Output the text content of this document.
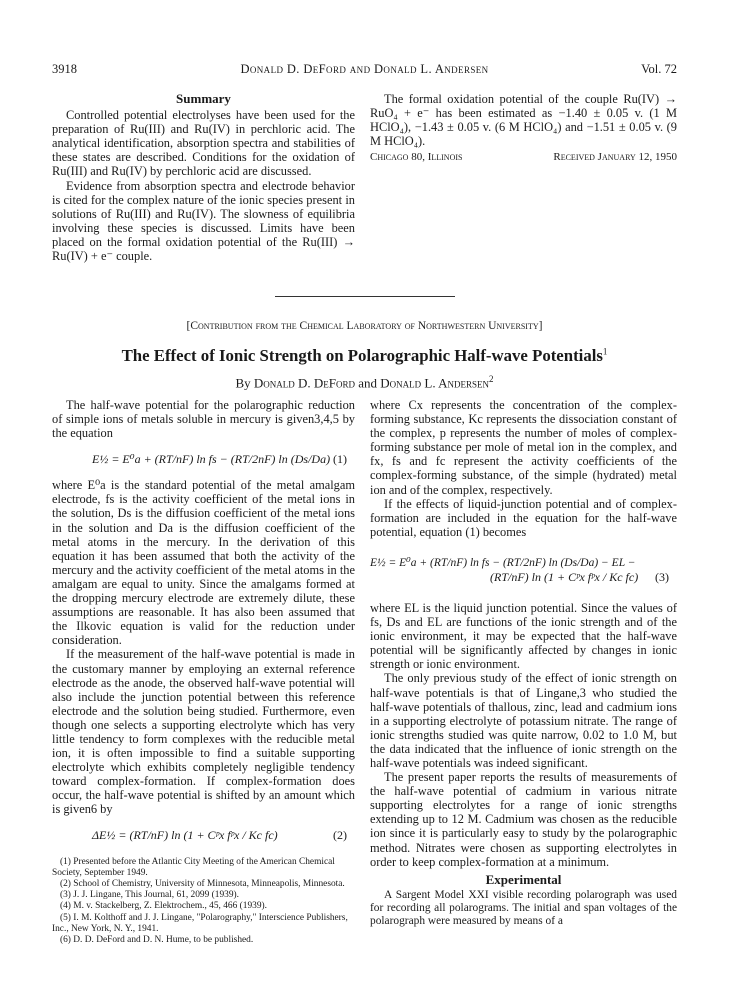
3918	Donald D. DeFord and Donald L. Andersen	Vol. 72
Summary

Controlled potential electrolyses have been used for the preparation of Ru(III) and Ru(IV) in perchloric acid. The analytical identification, absorption spectra and stabilities of these states are described. Conditions for the oxidation of Ru(III) and Ru(IV) by perchloric acid are discussed.

Evidence from absorption spectra and electrode behavior is cited for the complex nature of the ionic species present in solutions of Ru(III) and Ru(IV). The slowness of equilibria involving these species is discussed. Limits have been placed on the formal oxidation potential of the Ru(III) → Ru(IV) + e⁻ couple.

The formal oxidation potential of the couple Ru(IV) → RuO₄ + e⁻ has been estimated as −1.40 ± 0.05 v. (1 M HClO₄), −1.43 ± 0.05 v. (6 M HClO₄) and −1.51 ± 0.05 v. (9 M HClO₄).

Chicago 80, Illinois	Received January 12, 1950
[Contribution from the Chemical Laboratory of Northwestern University]
The Effect of Ionic Strength on Polarographic Half-wave Potentials$^1$
By Donald D. DeFord and Donald L. Andersen$^2$

The half-wave potential for the polarographic reduction of simple ions of metals soluble in mercury is given3,4,5 by the equation

E½ = E⁰a + (RT/nF) ln fs − (RT/2nF) ln (Ds/Da) (1)

where E⁰a is the standard potential of the metal amalgam electrode, fs is the activity coefficient of the metal ions in the solution, Ds is the diffusion coefficient of the metal ions in the solution and Da is the diffusion coefficient of the metal atoms in the mercury. In the derivation of this equation it has been assumed that both the activity of the mercury and the activity coefficient of the metal atoms in the amalgam are equal to unity. Since the amalgams formed at the dropping mercury electrode are extremely dilute, these assumptions are reasonable. It has also been assumed that the Ilkovic equation is valid for the reduction under consideration.

If the measurement of the half-wave potential is made in the customary manner by employing an external reference electrode as the anode, the observed half-wave potential will also include the junction potential between this reference electrode and the solution being studied. Furthermore, even though one selects a supporting electrolyte which has very little tendency to form complexes with the reducible metal ion, it is often impossible to find a suitable supporting electrolyte which exhibits completely negligible tendency toward complex-formation. If complex-formation does occur, the half-wave potential is shifted by an amount which is given6 by

ΔE½ = (RT/nF) ln (1 + Cᵖx fᵖx / Kc fc)	(2)
(1) Presented before the Atlantic City Meeting of the American Chemical Society, September 1949.
(2) School of Chemistry, University of Minnesota, Minneapolis, Minnesota.
(3) J. J. Lingane, This Journal, 61, 2099 (1939).
(4) M. v. Stackelberg, Z. Elektrochem., 45, 466 (1939).
(5) I. M. Kolthoff and J. J. Lingane, "Polarography," Interscience Publishers, Inc., New York, N. Y., 1941.
(6) D. D. DeFord and D. N. Hume, to be published.

where Cx represents the concentration of the complex-forming substance, Kc represents the dissociation constant of the complex, p represents the number of moles of complex-forming substance per mole of metal ion in the complex, and fx, fs and fc represent the activity coefficients of the complex-forming substance, of the simple (hydrated) metal ion and of the complex, respectively.

If the effects of liquid-junction potential and of complex-formation are included in the equation for the half-wave potential, equation (1) becomes

E½ = E⁰a + (RT/nF) ln fs − (RT/2nF) ln (Ds/Da) − EL −
(RT/nF) ln (1 + Cᵖx fᵖx / Kc fc) (3)

where EL is the liquid junction potential. Since the values of fs, Ds and EL are functions of the ionic strength and of the ionic environment, it may be expected that the half-wave potential will be significantly affected by changes in ionic strength or ionic environment.

The only previous study of the effect of ionic strength on half-wave potentials is that of Lingane,3 who studied the half-wave potentials of thallous, zinc, lead and cadmium ions in a supporting electrolyte of potassium nitrate. The range of ionic strengths studied was quite narrow, 0.02 to 1.0 M, but the data indicated that the influence of ionic strength on the half-wave potentials was indeed significant.

The present paper reports the results of measurements of the half-wave potential of cadmium in various nitrate supporting electrolytes for a range of ionic strengths extending up to 12 M. Cadmium was chosen as the reducible ion since it is particularly easy to study by the polarographic method. Nitrates were chosen as supporting electrolytes in order to keep complex-formation at a minimum.

Experimental

A Sargent Model XXI visible recording polarograph was used for recording all polarograms. The initial and span voltages of the polarograph were measured by means of a
